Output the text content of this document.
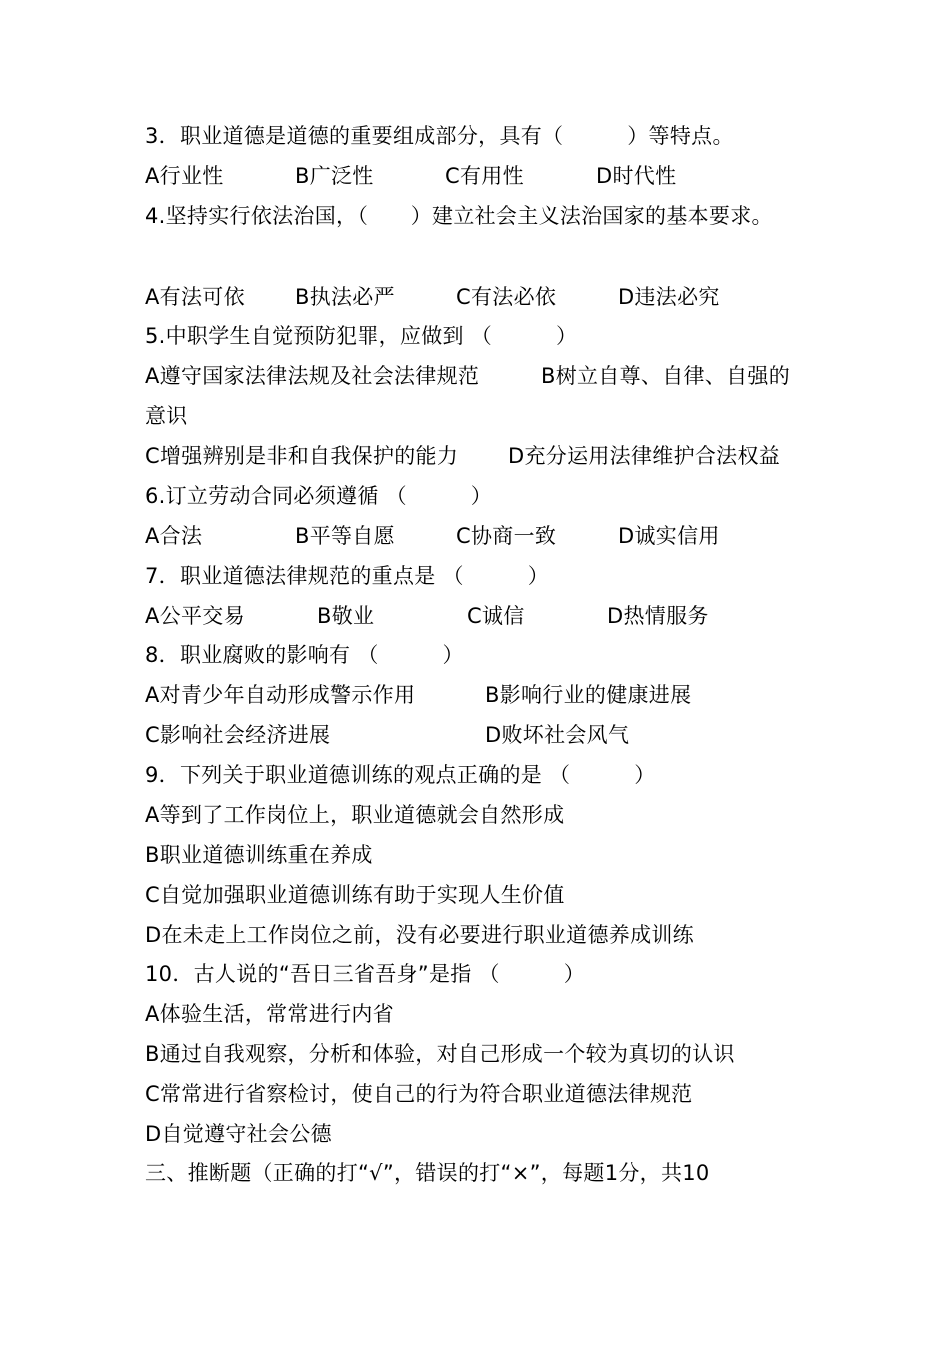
3．职业道德是道德的重要组成部分，具有（　　　）等特点。
A行业性	B广泛性	C有用性	D时代性
4.坚持实行依法治国，（　　）建立社会主义法治国家的基本要求。
A有法可依 B执法必严	C有法必依	D违法必究
5.中职学生自觉预防犯罪，应做到 （　　　）
A遵守国家法律法规及社会法律规范	B树立自尊、自律、自强的
意识
C增强辨别是非和自我保护的能力 D充分运用法律维护合法权益
6.订立劳动合同必须遵循 （　　　）
A合法	B平等自愿	C协商一致	D诚实信用
7．职业道德法律规范的重点是 （　　　）
A公平交易	B敬业	C诚信	D热情服务
8．职业腐败的影响有 （　　　）
A对青少年自动形成警示作用	B影响行业的健康进展
C影响社会经济进展	D败坏社会风气
9．下列关于职业道德训练的观点正确的是 （　　　）
A等到了工作岗位上，职业道德就会自然形成
B职业道德训练重在养成
C自觉加强职业道德训练有助于实现人生价值
D在未走上工作岗位之前，没有必要进行职业道德养成训练
10．古人说的“吾日三省吾身”是指 （　　　）
A体验生活，常常进行内省
B通过自我观察，分析和体验，对自己形成一个较为真切的认识
C常常进行省察检讨，使自己的行为符合职业道德法律规范
D自觉遵守社会公德
三、推断题（正确的打“√”，错误的打“×”，每题1分，共10
